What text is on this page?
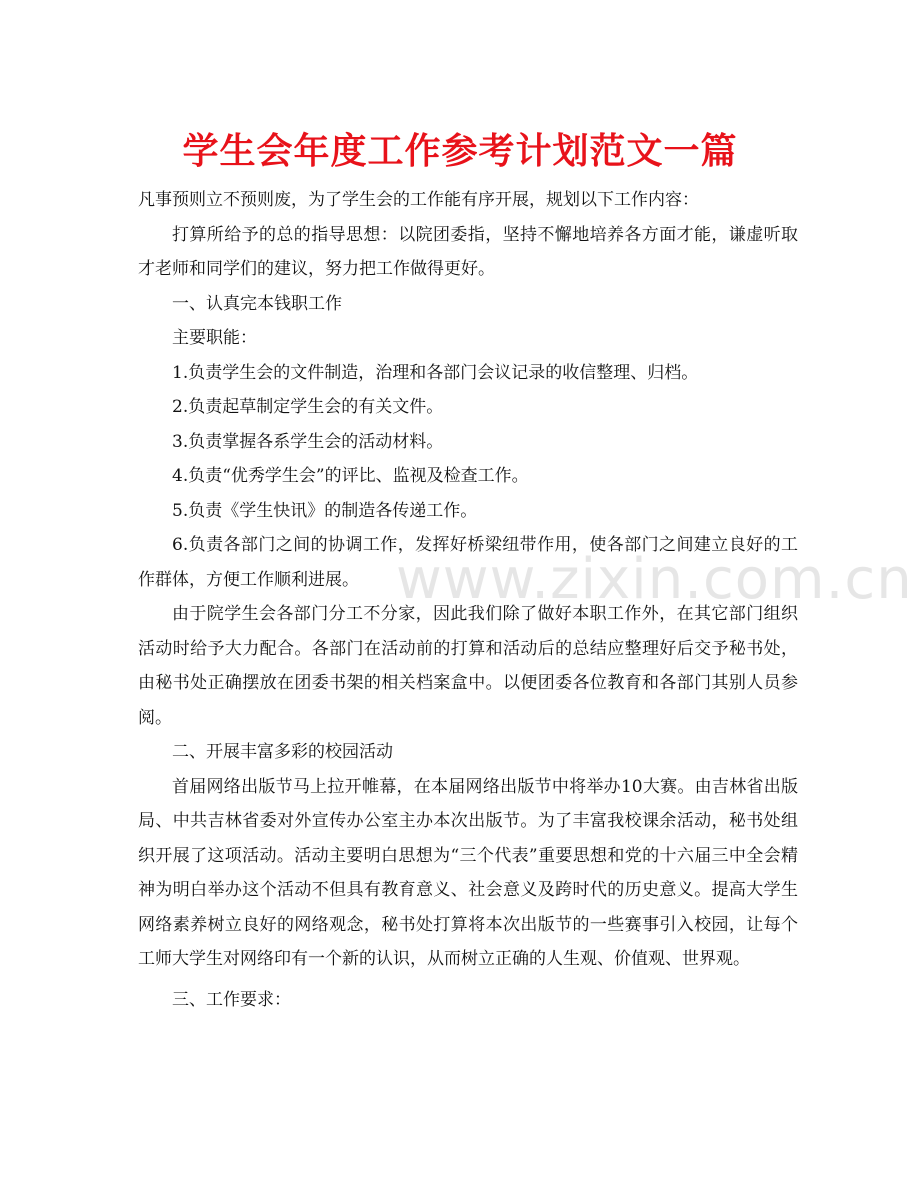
学生会年度工作参考计划范文一篇

凡事预则立不预则废，为了学生会的工作能有序开展，规划以下工作内容：

打算所给予的总的指导思想：以院团委指，坚持不懈地培养各方面才能，谦虚听取才老师和同学们的建议，努力把工作做得更好。

一、认真完本钱职工作

主要职能：

1.负责学生会的文件制造，治理和各部门会议记录的收信整理、归档。

2.负责起草制定学生会的有关文件。

3.负责掌握各系学生会的活动材料。

4.负责“优秀学生会”的评比、监视及检查工作。

5.负责《学生快讯》的制造各传递工作。

6.负责各部门之间的协调工作，发挥好桥梁纽带作用，使各部门之间建立良好的工作群体，方便工作顺利进展。

由于院学生会各部门分工不分家，因此我们除了做好本职工作外，在其它部门组织活动时给予大力配合。各部门在活动前的打算和活动后的总结应整理好后交予秘书处，由秘书处正确摆放在团委书架的相关档案盒中。以便团委各位教育和各部门其别人员参阅。

二、开展丰富多彩的校园活动

首届网络出版节马上拉开帷幕，在本届网络出版节中将举办10大赛。由吉林省出版局、中共吉林省委对外宣传办公室主办本次出版节。为了丰富我校课余活动，秘书处组织开展了这项活动。活动主要明白思想为“三个代表”重要思想和党的十六届三中全会精神为明白举办这个活动不但具有教育意义、社会意义及跨时代的历史意义。提高大学生网络素养树立良好的网络观念，秘书处打算将本次出版节的一些赛事引入校园，让每个工师大学生对网络印有一个新的认识，从而树立正确的人生观、价值观、世界观。

三、工作要求：

www.zixin.com.cn
